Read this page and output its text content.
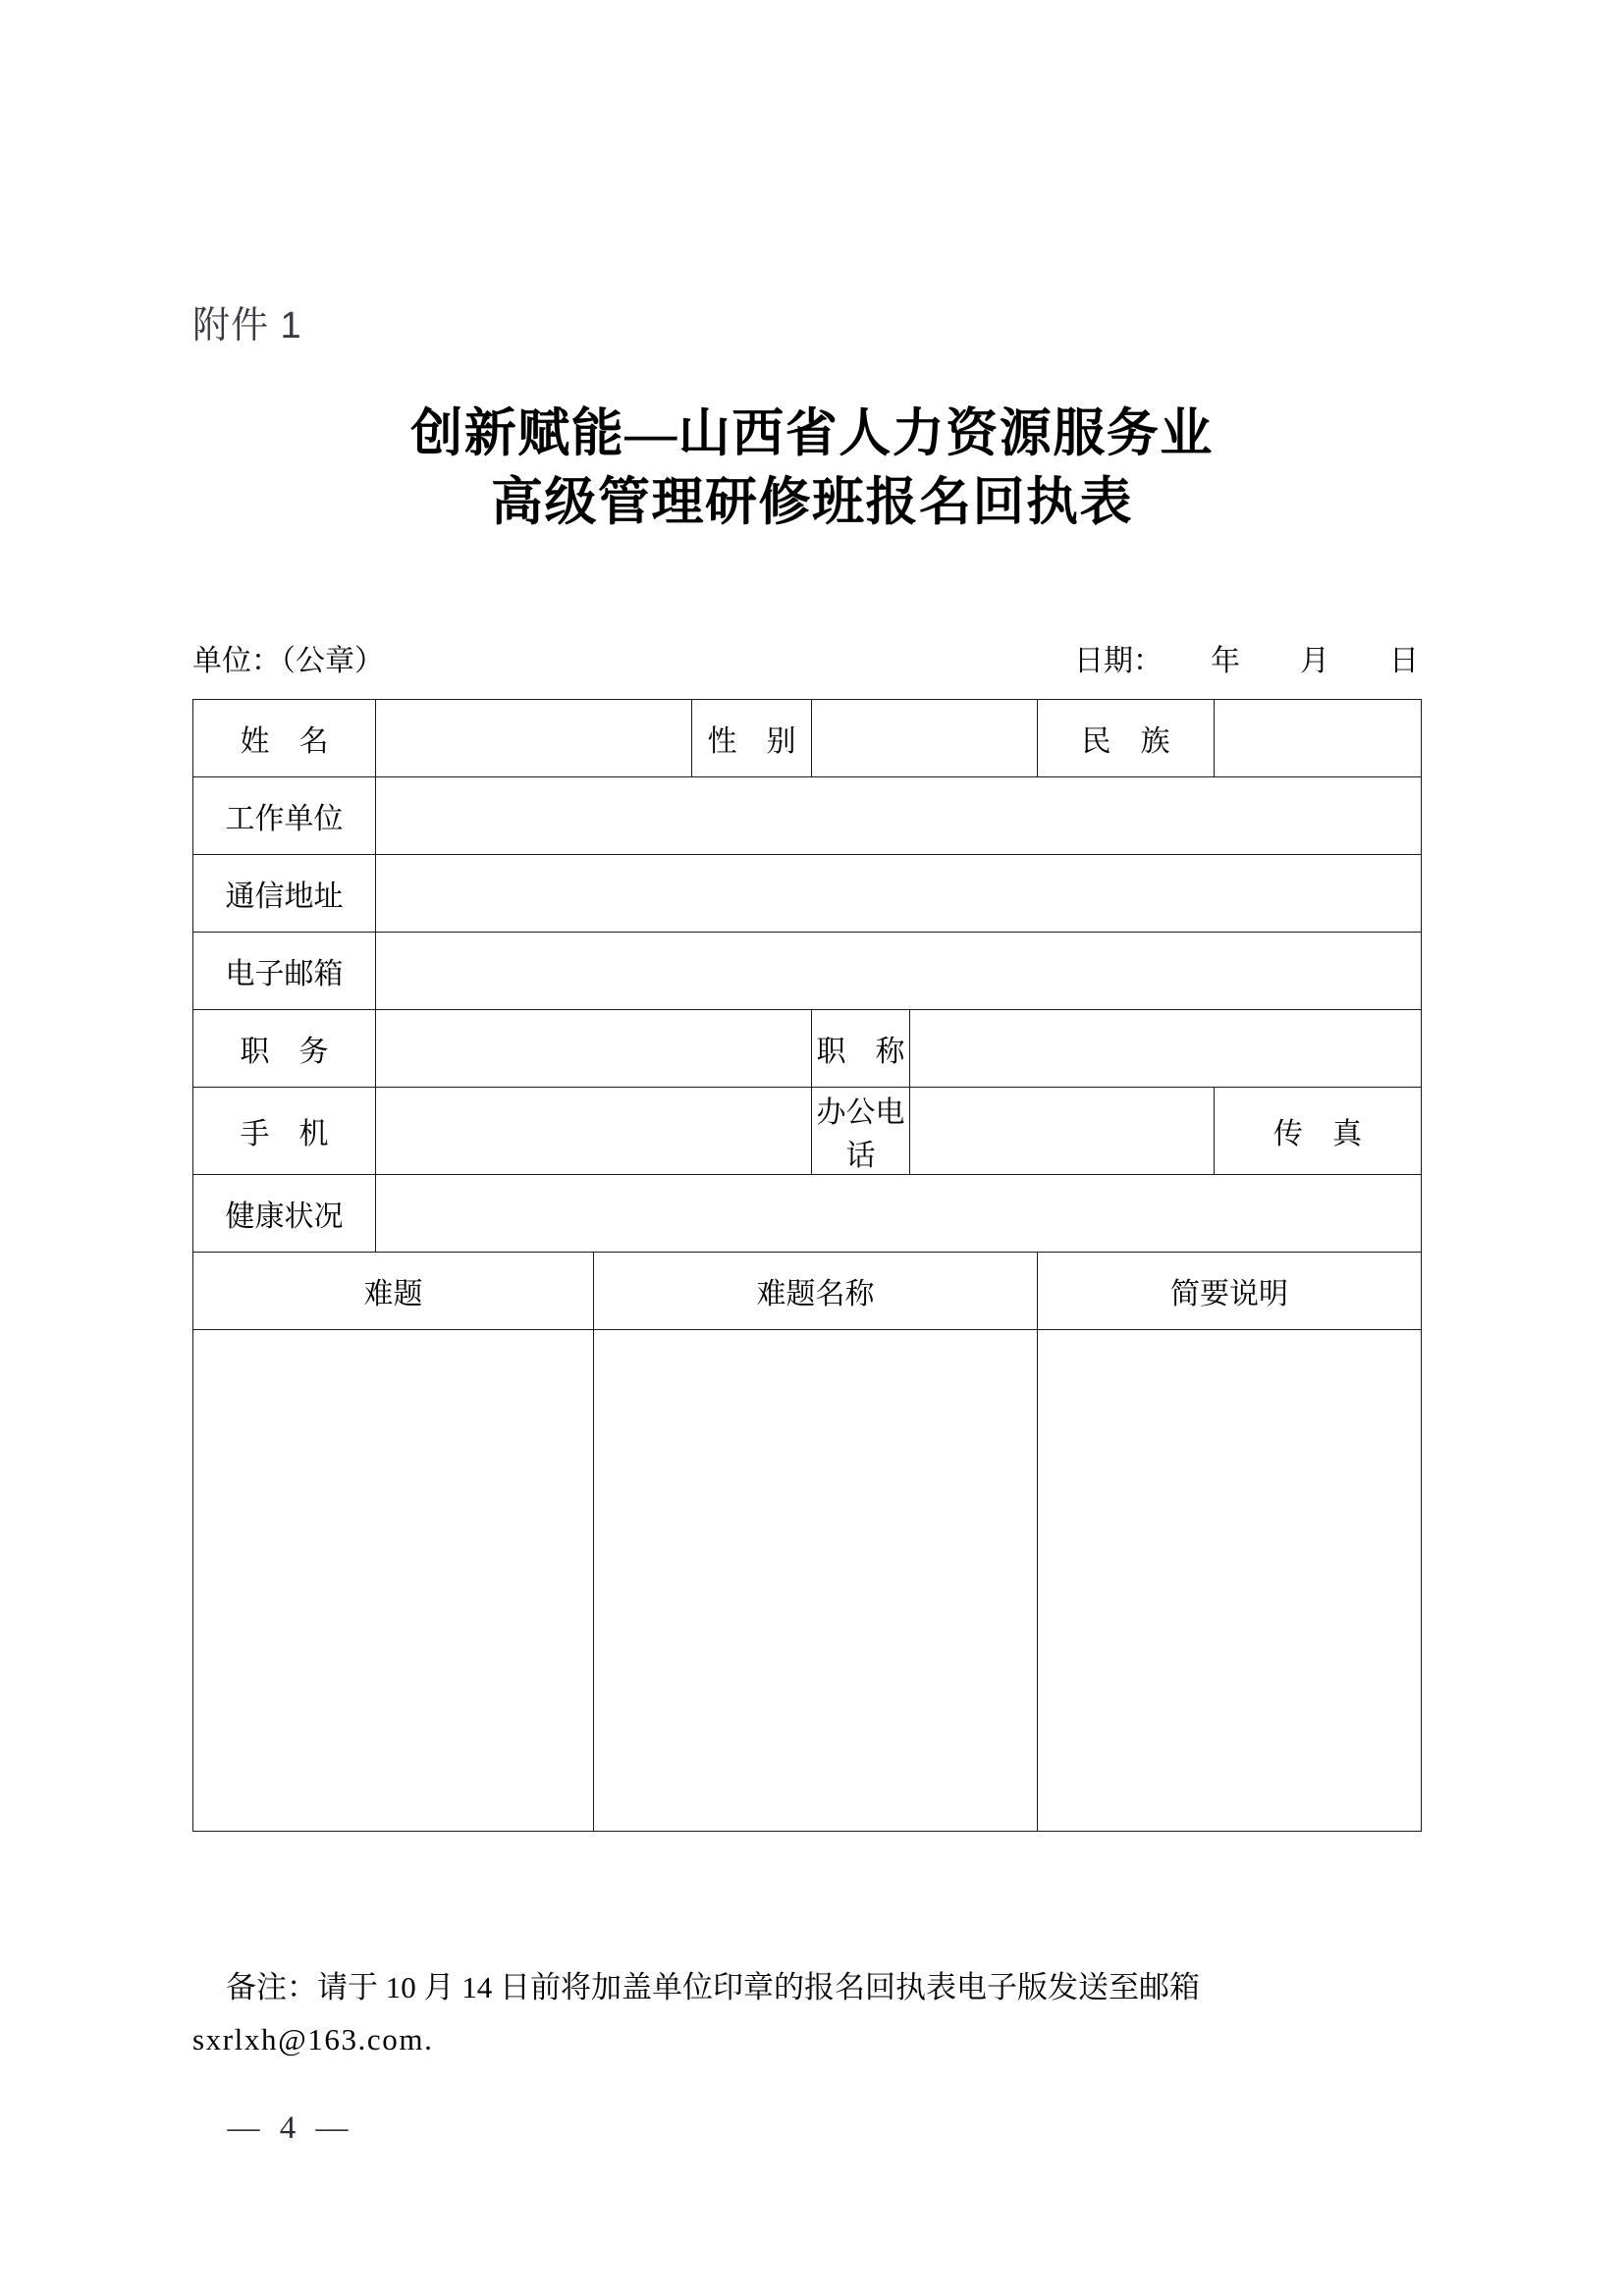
附件 1
创新赋能—山西省人力资源服务业
高级管理研修班报名回执表
单位：（公章）	日期： 年 月 日
姓　名			性　别			民　族		
工作单位								
通信地址								
电子邮箱								
职　务				职　称				
手　机				办公电话			传　真	
健康状况								
难题		难题名称				简要说明		

备注：请于 10 月 14 日前将加盖单位印章的报名回执表电子版发送至邮箱
sxrlxh@163.com.
— 4 —
